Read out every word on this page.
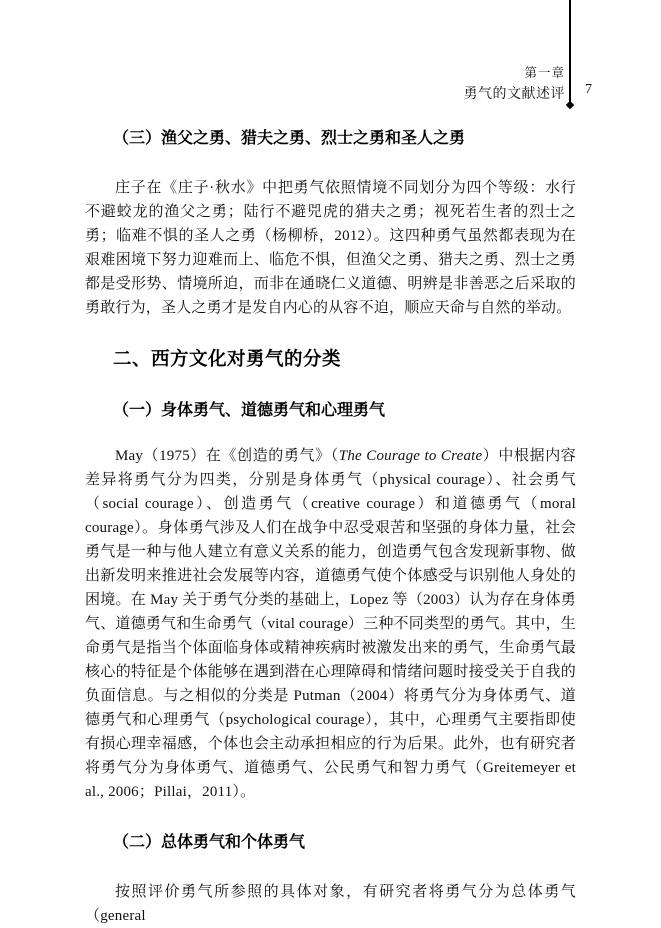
第一章
勇气的文献述评 7
（三）渔父之勇、猎夫之勇、烈士之勇和圣人之勇

庄子在《庄子·秋水》中把勇气依照情境不同划分为四个等级：水行不避蛟龙的渔父之勇；陆行不避兕虎的猎夫之勇；视死若生者的烈士之勇；临难不惧的圣人之勇（杨柳桥，2012）。这四种勇气虽然都表现为在艰难困境下努力迎难而上、临危不惧，但渔父之勇、猎夫之勇、烈士之勇都是受形势、情境所迫，而非在通晓仁义道德、明辨是非善恶之后采取的勇敢行为，圣人之勇才是发自内心的从容不迫，顺应天命与自然的举动。

二、西方文化对勇气的分类
（一）身体勇气、道德勇气和心理勇气

May（1975）在《创造的勇气》（The Courage to Create）中根据内容差异将勇气分为四类，分别是身体勇气（physical courage）、社会勇气（social courage）、创造勇气（creative courage）和道德勇气（moral courage）。身体勇气涉及人们在战争中忍受艰苦和坚强的身体力量，社会勇气是一种与他人建立有意义关系的能力，创造勇气包含发现新事物、做出新发明来推进社会发展等内容，道德勇气使个体感受与识别他人身处的困境。在 May 关于勇气分类的基础上，Lopez 等（2003）认为存在身体勇气、道德勇气和生命勇气（vital courage）三种不同类型的勇气。其中，生命勇气是指当个体面临身体或精神疾病时被激发出来的勇气，生命勇气最核心的特征是个体能够在遇到潜在心理障碍和情绪问题时接受关于自我的负面信息。与之相似的分类是 Putman（2004）将勇气分为身体勇气、道德勇气和心理勇气（psychological courage），其中，心理勇气主要指即使有损心理幸福感，个体也会主动承担相应的行为后果。此外，也有研究者将勇气分为身体勇气、道德勇气、公民勇气和智力勇气（Greitemeyer et al., 2006；Pillai，2011）。

（二）总体勇气和个体勇气

按照评价勇气所参照的具体对象，有研究者将勇气分为总体勇气（general
